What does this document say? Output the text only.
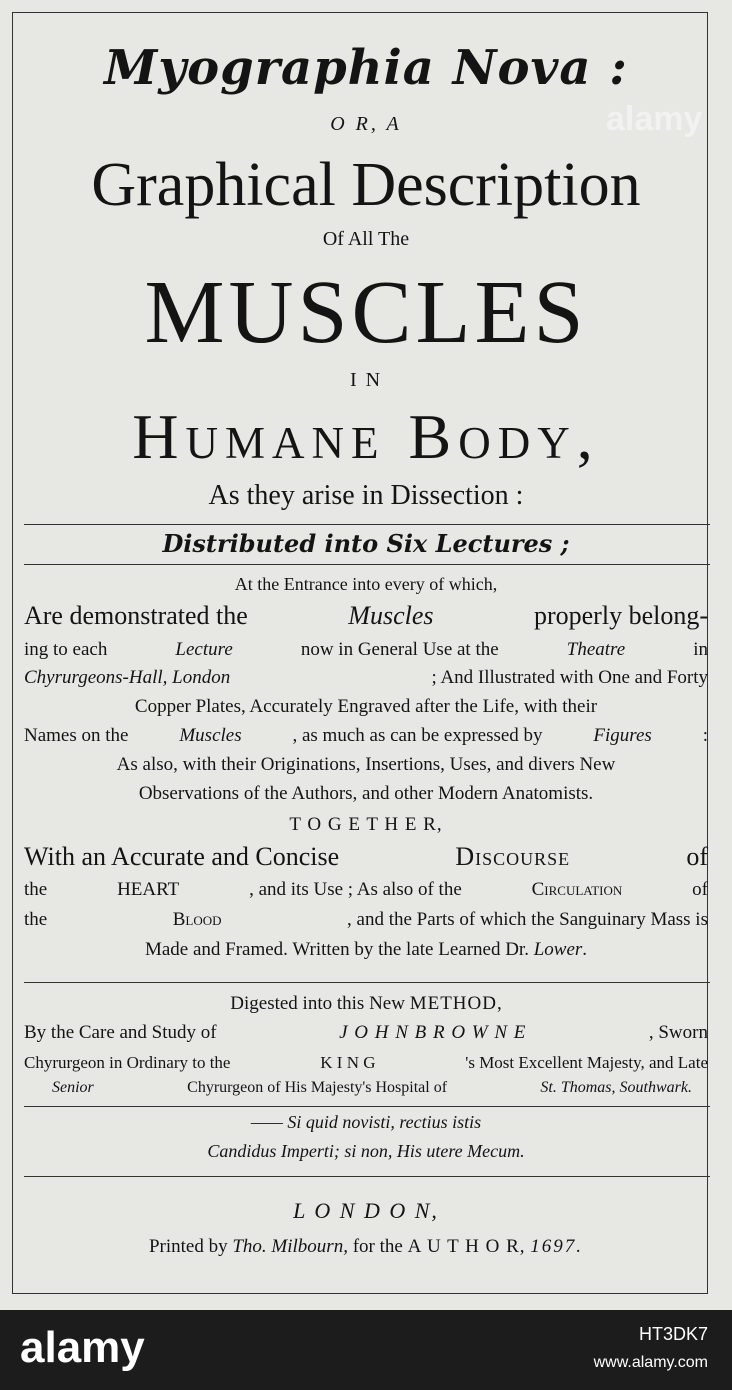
Myographia Nova :
O R, A
Graphical Description
Of All The
MUSCLES
I N
Humane Body,
As they arise in Dissection :
Distributed into Six Lectures ;
At the Entrance into every of which,
Are demonstrated the	Muscles	properly belong-
ing to each	Lecture	now in General Use at the	Theatre	in
Chyrurgeons-Hall, London	; And Illustrated with One and Forty
Copper Plates, Accurately Engraved after the Life, with their
Names on the	Muscles	, as much as can be expressed by	Figures	:
As also, with their Originations, Insertions, Uses, and divers New
Observations of the Authors, and other Modern Anatomists.
T O G E T H E R,
With an Accurate and Concise	Discourse	of
the	HEART	, and its Use ; As also of the	Circulation	of
the	Blood	, and the Parts of which the Sanguinary Mass is
Made and Framed. Written by the late Learned Dr. Lower.
Digested into this New METHOD,
By the Care and Study of	J O H N B R O W N E	, Sworn
Chyrurgeon in Ordinary to the	K I N G	's Most Excellent Majesty, and Late
Senior	Chyrurgeon of His Majesty's Hospital of	St. Thomas, Southwark.
—— Si quid novisti, rectius istis
Candidus Imperti; si non, His utere Mecum.
L O N D O N,
Printed by Tho. Milbourn, for the A U T H O R, 1697.
alamy
alamy	HT3DK7
www.alamy.com
